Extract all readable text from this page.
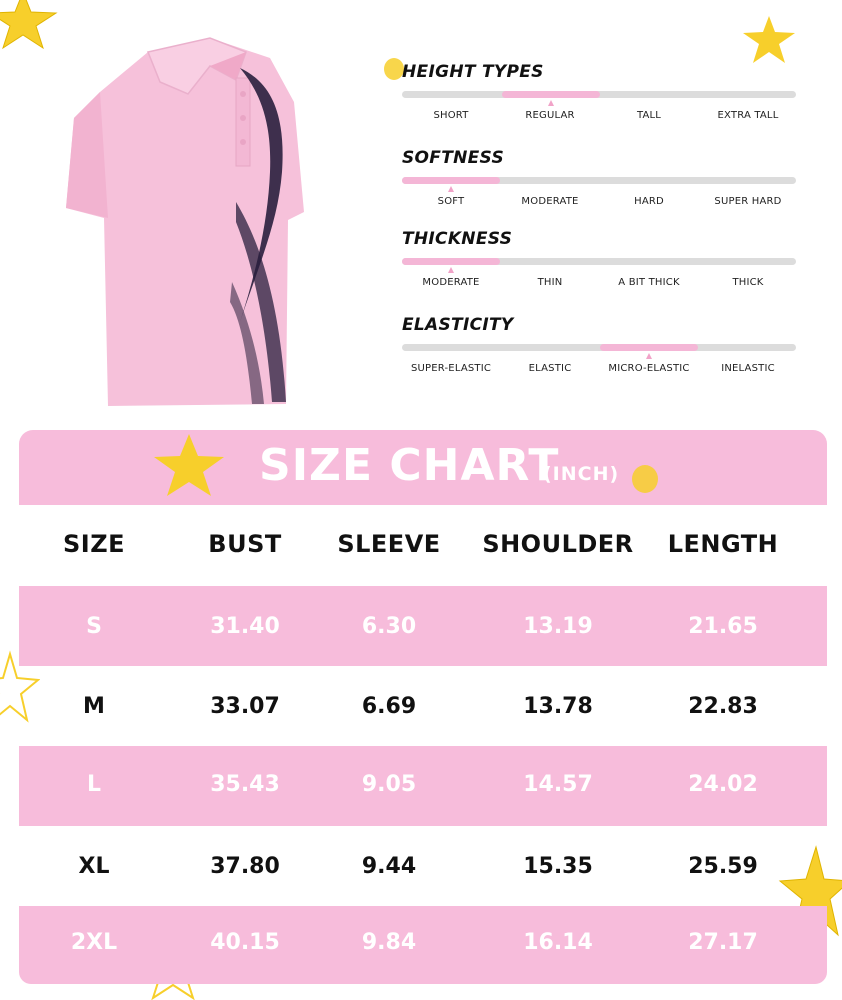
HEIGHT TYPES
SHORT	REGULAR	TALL	EXTRA TALL
SOFTNESS
SOFT	MODERATE	HARD	SUPER HARD
THICKNESS
MODERATE	THIN	A BIT THICK	THICK
ELASTICITY
SUPER-ELASTIC	ELASTIC	MICRO-ELASTIC	INELASTIC
SIZE CHART
(INCH)
SIZE	BUST	SLEEVE	SHOULDER	LENGTH
S	31.40	6.30	13.19	21.65
M	33.07	6.69	13.78	22.83
L	35.43	9.05	14.57	24.02
XL	37.80	9.44	15.35	25.59
2XL	40.15	9.84	16.14	27.17
